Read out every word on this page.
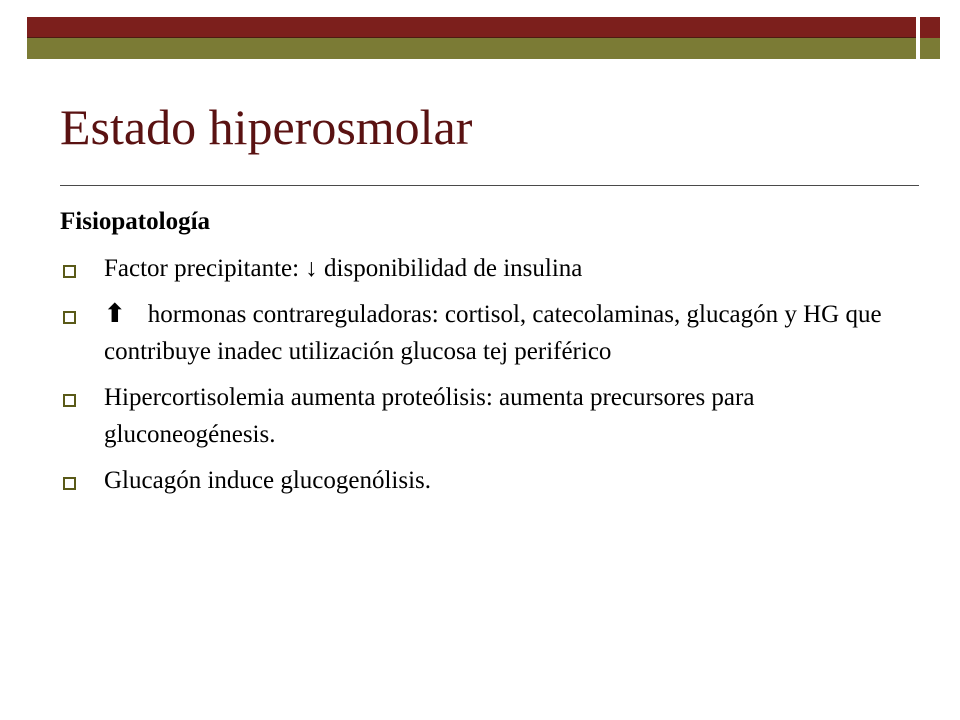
Estado hiperosmolar

Fisiopatología

Factor precipitante: ↓ disponibilidad de insulina
⬆ hormonas contrareguladoras: cortisol, catecolaminas, glucagón y HG que contribuye inadec utilización glucosa tej periférico
Hipercortisolemia aumenta proteólisis: aumenta precursores para gluconeogénesis.
Glucagón induce glucogenólisis.
